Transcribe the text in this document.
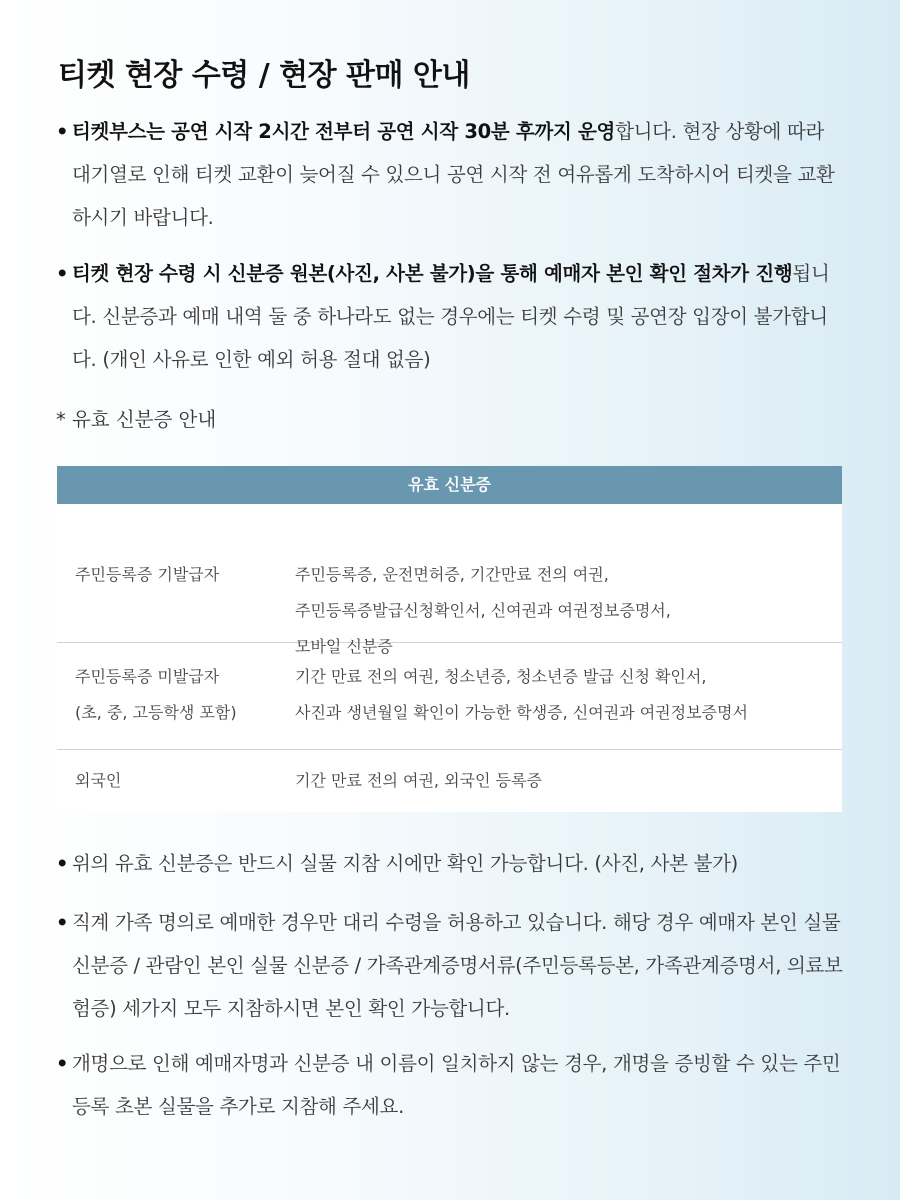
티켓 현장 수령 / 현장 판매 안내
• 티켓부스는 공연 시작 2시간 전부터 공연 시작 30분 후까지 운영합니다. 현장 상황에 따라 대기열로 인해 티켓 교환이 늦어질 수 있으니 공연 시작 전 여유롭게 도착하시어 티켓을 교환하시기 바랍니다.
• 티켓 현장 수령 시 신분증 원본(사진, 사본 불가)을 통해 예매자 본인 확인 절차가 진행됩니다. 신분증과 예매 내역 둘 중 하나라도 없는 경우에는 티켓 수령 및 공연장 입장이 불가합니다. (개인 사유로 인한 예외 허용 절대 없음)
* 유효 신분증 안내
유효 신분증
주민등록증 기발급자	주민등록증, 운전면허증, 기간만료 전의 여권,
주민등록증발급신청확인서, 신여권과 여권정보증명서,
모바일 신분증
주민등록증 미발급자
(초, 중, 고등학생 포함)
기간 만료 전의 여권, 청소년증, 청소년증 발급 신청 확인서,
사진과 생년월일 확인이 가능한 학생증, 신여권과 여권정보증명서
외국인	기간 만료 전의 여권, 외국인 등록증
• 위의 유효 신분증은 반드시 실물 지참 시에만 확인 가능합니다. (사진, 사본 불가)
• 직계 가족 명의로 예매한 경우만 대리 수령을 허용하고 있습니다. 해당 경우 예매자 본인 실물 신분증 / 관람인 본인 실물 신분증 / 가족관계증명서류(주민등록등본, 가족관계증명서, 의료보험증) 세가지 모두 지참하시면 본인 확인 가능합니다.
• 개명으로 인해 예매자명과 신분증 내 이름이 일치하지 않는 경우, 개명을 증빙할 수 있는 주민등록 초본 실물을 추가로 지참해 주세요.
